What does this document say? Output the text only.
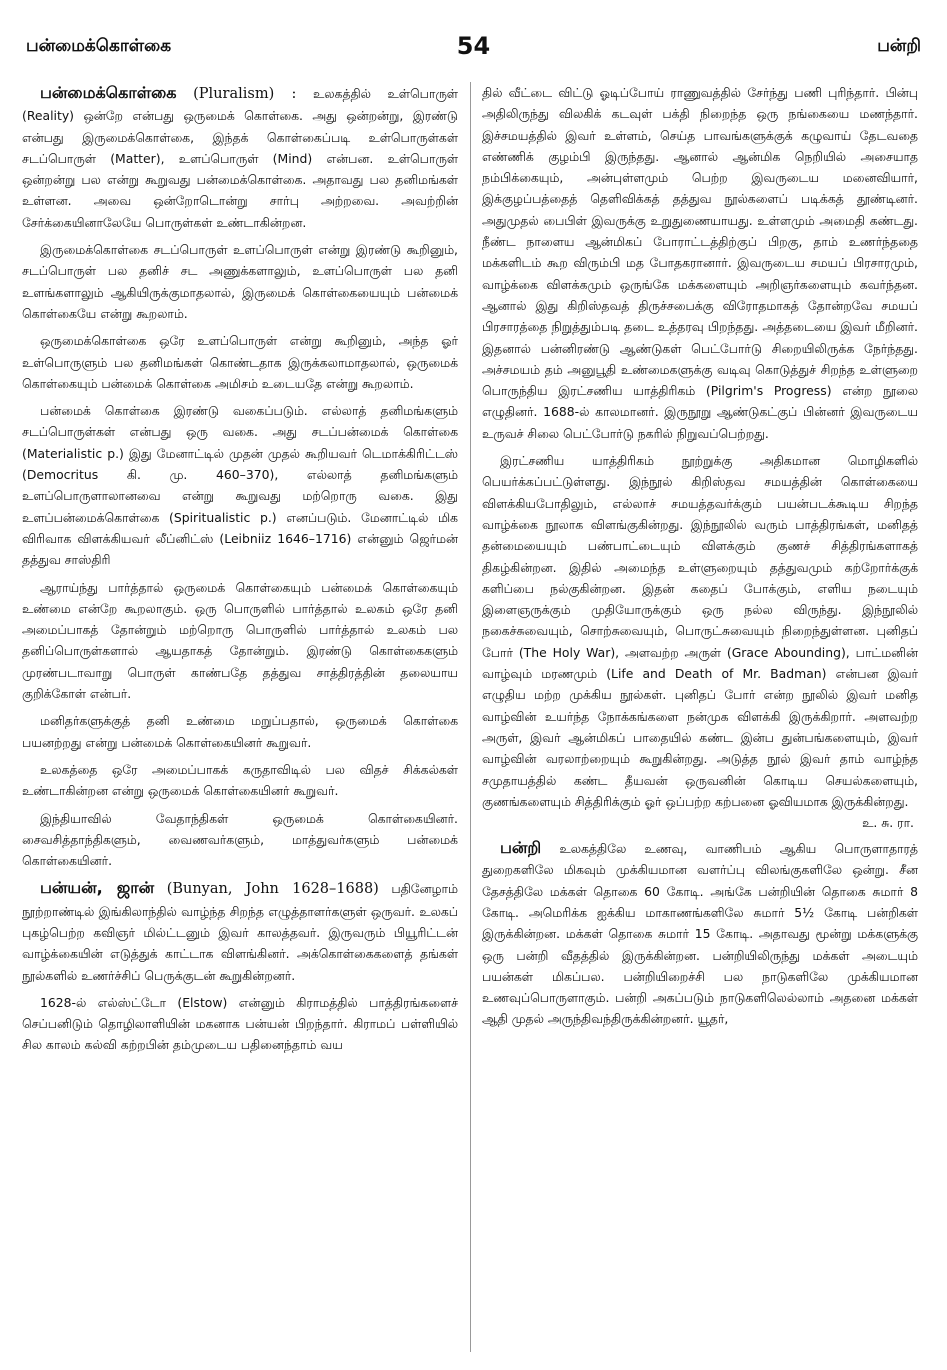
பன்மைக்கொள்கை	54	பன்றி

பன்மைக்கொள்கை (Pluralism) : உலகத்தில் உள்பொருள் (Reality) ஒன்றே என்பது ஒருமைக் கொள்கை. அது ஒன்றன்று, இரண்டு என்பது இருமைக்கொள்கை, இந்தக் கொள்கைப்படி உள்பொருள்கள் சடப்பொருள் (Matter), உளப்பொருள் (Mind) என்பன. உள்பொருள் ஒன்றன்று பல என்று கூறுவது பன்மைக்கொள்கை. அதாவது பல தனிமங்கள் உள்ளன. அவை ஒன்றோடொன்று சார்பு அற்றவை. அவற்றின் சேர்க்கையினாலேயே பொருள்கள் உண்டாகின்றன.

இருமைக்கொள்கை சடப்பொருள் உளப்பொருள் என்று இரண்டு கூறினும், சடப்பொருள் பல தனிச் சட அணுக்களாலும், உளப்பொருள் பல தனி உளங்களாலும் ஆகியிருக்குமாதலால், இருமைக் கொள்கையையும் பன்மைக் கொள்கையே என்று கூறலாம்.

ஒருமைக்கொள்கை ஒரே உளப்பொருள் என்று கூறினும், அந்த ஓர் உள்பொருளும் பல தனிமங்கள் கொண்டதாக இருக்கலாமாதலால், ஒருமைக் கொள்கையும் பன்மைக் கொள்கை அமிசம் உடையதே என்று கூறலாம்.

பன்மைக் கொள்கை இரண்டு வகைப்படும். எல்லாத் தனிமங்களும் சடப்பொருள்கள் என்பது ஒரு வகை. அது சடப்பன்மைக் கொள்கை (Materialistic p.) இது மேனாட்டில் முதன் முதல் கூறியவர் டெமாக்கிரிட்டஸ் (Democritus கி. மு. 460–370), எல்லாத் தனிமங்களும் உளப்பொருளாலானவை என்று கூறுவது மற்றொரு வகை. இது உளப்பன்மைக்கொள்கை (Spiritualistic p.) எனப்படும். மேனாட்டில் மிக விரிவாக விளக்கியவர் லீப்னிட்ஸ் (Leibniiz 1646–1716) என்னும் ஜெர்மன் தத்துவ சாஸ்திரி

ஆராய்ந்து பார்த்தால் ஒருமைக் கொள்கையும் பன்மைக் கொள்கையும் உண்மை என்றே கூறலாகும். ஒரு பொருளில் பார்த்தால் உலகம் ஒரே தனி அமைப்பாகத் தோன்றும் மற்றொரு பொருளில் பார்த்தால் உலகம் பல தனிப்பொருள்களால் ஆயதாகத் தோன்றும். இரண்டு கொள்கைகளும் முரண்படாவாறு பொருள் காண்பதே தத்துவ சாத்திரத்தின் தலையாய குறிக்கோள் என்பர்.

மனிதர்களுக்குத் தனி உண்மை மறுப்பதால், ஒருமைக் கொள்கை பயனற்றது என்று பன்மைக் கொள்கையினர் கூறுவர்.

உலகத்தை ஒரே அமைப்பாகக் கருதாவிடில் பல விதச் சிக்கல்கள் உண்டாகின்றன என்று ஒருமைக் கொள்கையினர் கூறுவர்.

இந்தியாவில் வேதாந்திகள் ஒருமைக் கொள்கையினர். சைவசித்தாந்திகளும், வைணவர்களும், மாத்துவர்களும் பன்மைக் கொள்கையினர்.

பன்யன், ஜான் (Bunyan, John 1628–1688) பதினேழாம் நூற்றாண்டில் இங்கிலாந்தில் வாழ்ந்த சிறந்த எழுத்தாளர்களுள் ஒருவர். உலகப் புகழ்பெற்ற கவிஞர் மில்ட்டனும் இவர் காலத்தவர். இருவரும் பியூரிட்டன் வாழ்க்கையின் எடுத்துக் காட்டாக விளங்கினர். அக்கொள்கைகளைத் தங்கள் நூல்களில் உணர்ச்சிப் பெருக்குடன் கூறுகின்றனர்.

1628-ல் எல்ஸ்ட்டோ (Elstow) என்னும் கிராமத்தில் பாத்திரங்களைச் செப்பனிடும் தொழிலாளியின் மகனாக பன்யன் பிறந்தார். கிராமப் பள்ளியில் சில காலம் கல்வி கற்றபின் தம்முடைய பதினைந்தாம் வய

தில் வீட்டை விட்டு ஓடிப்போய் ராணுவத்தில் சேர்ந்து பணி புரிந்தார். பின்பு அதிலிருந்து விலகிக் கடவுள் பக்தி நிறைந்த ஒரு நங்கையை மணந்தார். இச்சமயத்தில் இவர் உள்ளம், செய்த பாவங்களுக்குக் கழுவாய் தேடவதை எண்ணிக் குழம்பி இருந்தது. ஆனால் ஆன்மிக நெறியில் அசையாத நம்பிக்கையும், அன்புள்ளமும் பெற்ற இவருடைய மனைவியார், இக்குழப்பத்தைத் தெளிவிக்கத் தத்துவ நூல்களைப் படிக்கத் தூண்டினர். அதுமுதல் பைபிள் இவருக்கு உறுதுணையாயது. உள்ளமும் அமைதி கண்டது. நீண்ட நாளைய ஆன்மிகப் போராட்டத்திற்குப் பிறகு, தாம் உணர்ந்ததை மக்களிடம் கூற விரும்பி மத போதகரானார். இவருடைய சமயப் பிரசாரமும், வாழ்க்கை விளக்கமும் ஒருங்கே மக்களையும் அறிஞர்களையும் கவர்ந்தன. ஆனால் இது கிறிஸ்தவத் திருச்சபைக்கு விரோதமாகத் தோன்றவே சமயப் பிரசாரத்தை நிறுத்தும்படி தடை உத்தரவு பிறந்தது. அத்தடையை இவர் மீறினர். இதனால் பன்னிரண்டு ஆண்டுகள் பெட்போர்டு சிறையிலிருக்க நேர்ந்தது. அச்சமயம் தம் அனுபூதி உண்மைகளுக்கு வடிவு கொடுத்துச் சிறந்த உள்ளுறை பொருந்திய இரட்சணிய யாத்திரிகம் (Pilgrim's Progress) என்ற நூலை எழுதினர். 1688-ல் காலமானர். இருநூறு ஆண்டுகட்குப் பின்னர் இவருடைய உருவச் சிலை பெட்போர்டு நகரில் நிறுவப்பெற்றது.

இரட்சணிய யாத்திரிகம் நூற்றுக்கு அதிகமான மொழிகளில் பெயர்க்கப்பட்டுள்ளது. இந்நூல் கிறிஸ்தவ சமயத்தின் கொள்கையை விளக்கியபோதிலும், எல்லாச் சமயத்தவர்க்கும் பயன்படக்கூடிய சிறந்த வாழ்க்கை நூலாக விளங்குகின்றது. இந்நூலில் வரும் பாத்திரங்கள், மனிதத் தன்மையையும் பண்பாட்டையும் விளக்கும் குணச் சித்திரங்களாகத் திகழ்கின்றன. இதில் அமைந்த உள்ளுறையும் தத்துவமும் கற்றோர்க்குக் களிப்பை நல்குகின்றன. இதன் கதைப் போக்கும், எளிய நடையும் இளைஞருக்கும் முதியோருக்கும் ஒரு நல்ல விருந்து. இந்நூலில் நகைச்சுவையும், சொற்சுவையும், பொருட்சுவையும் நிறைந்துள்ளன. புனிதப் போர் (The Holy War), அளவற்ற அருள் (Grace Abounding), பாட்மனின் வாழ்வும் மரணமும் (Life and Death of Mr. Badman) என்பன இவர் எழுதிய மற்ற முக்கிய நூல்கள். புனிதப் போர் என்ற நூலில் இவர் மனித வாழ்வின் உயர்ந்த நோக்கங்களை நன்முக விளக்கி இருக்கிறார். அளவற்ற அருள், இவர் ஆன்மிகப் பாதையில் கண்ட இன்ப துன்பங்களையும், இவர் வாழ்வின் வரலாற்றையும் கூறுகின்றது. அடுத்த நூல் இவர் தாம் வாழ்ந்த சமுதாயத்தில் கண்ட தீயவன் ஒருவனின் கொடிய செயல்களையும், குணங்களையும் சித்திரிக்கும் ஓர் ஒப்பற்ற கற்பனை ஓவியமாக இருக்கின்றது.

உ. சு. ரா.

பன்றி உலகத்திலே உணவு, வாணிபம் ஆகிய பொருளாதாரத் துறைகளிலே மிகவும் முக்கியமான வளர்ப்பு விலங்குகளிலே ஒன்று. சீன தேசத்திலே மக்கள் தொகை 60 கோடி. அங்கே பன்றியின் தொகை சுமார் 8 கோடி. அமெரிக்க ஐக்கிய மாகாணங்களிலே சுமார் 5½ கோடி பன்றிகள் இருக்கின்றன. மக்கள் தொகை சுமார் 15 கோடி. அதாவது மூன்று மக்களுக்கு ஒரு பன்றி வீதத்தில் இருக்கின்றன. பன்றியிலிருந்து மக்கள் அடையும் பயன்கள் மிகப்பல. பன்றியிறைச்சி பல நாடுகளிலே முக்கியமான உணவுப்பொருளாகும். பன்றி அகப்படும் நாடுகளிலெல்லாம் அதனை மக்கள் ஆதி முதல் அருந்திவந்திருக்கின்றனர். யூதர்,
